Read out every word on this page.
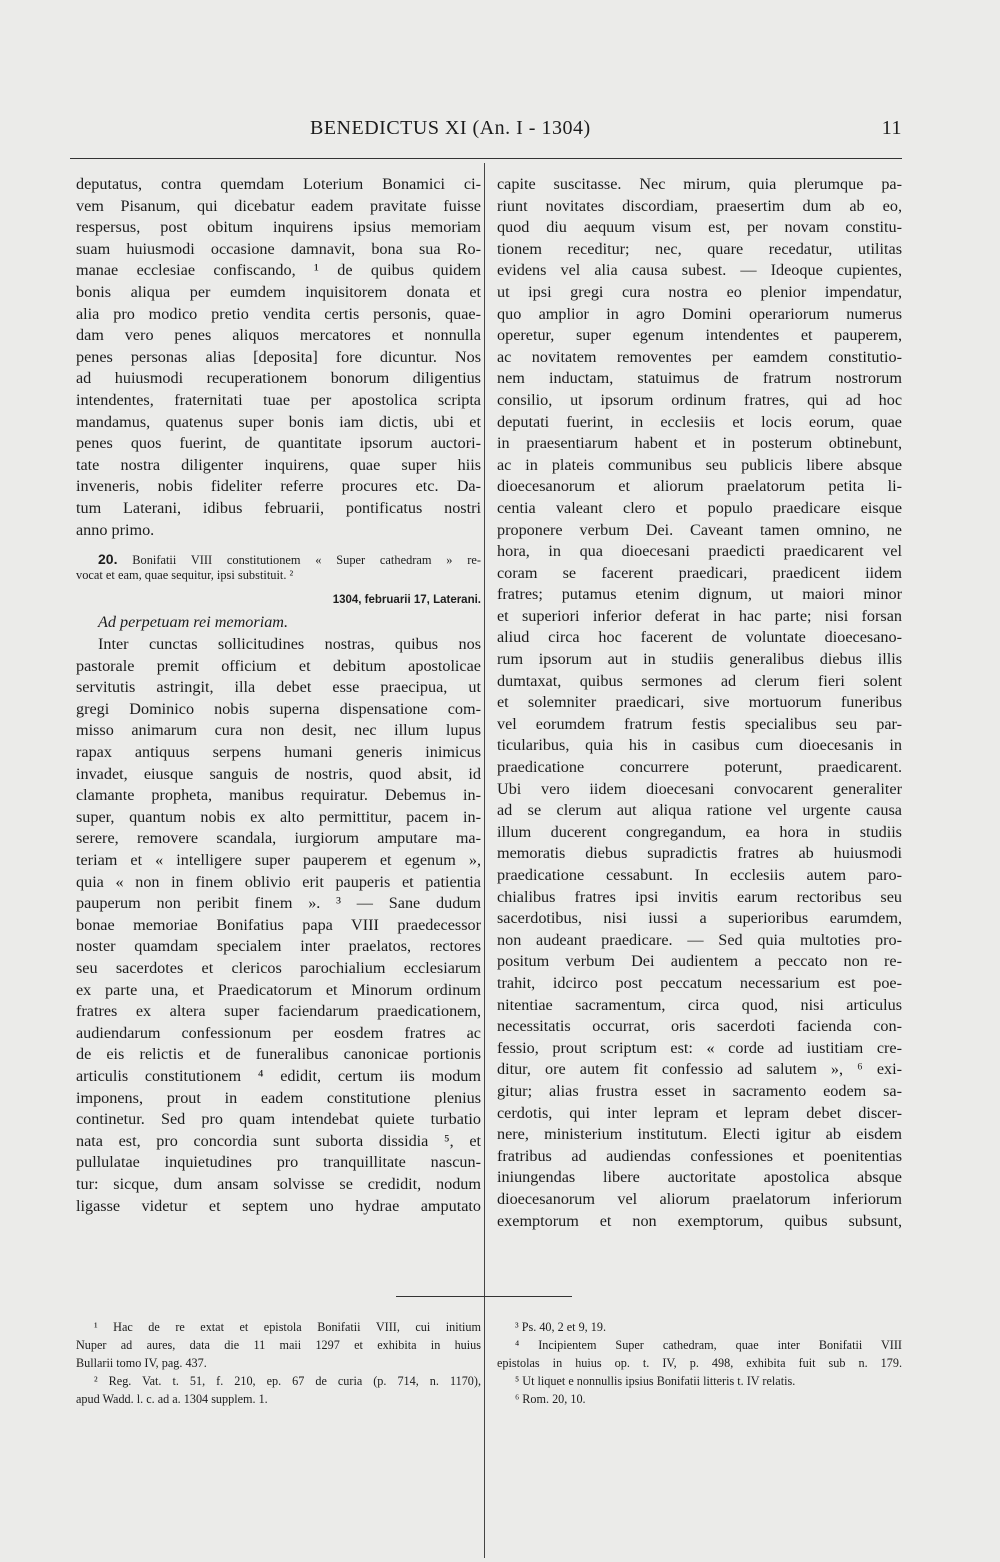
BENEDICTUS XI (An. I - 1304)	11
deputatus, contra quemdam Loterium Bonamici ci-
vem Pisanum, qui dicebatur eadem pravitate fuisse
respersus, post obitum inquirens ipsius memoriam
suam huiusmodi occasione damnavit, bona sua Ro-
manae ecclesiae confiscando, ¹ de quibus quidem
bonis aliqua per eumdem inquisitorem donata et
alia pro modico pretio vendita certis personis, quae-
dam vero penes aliquos mercatores et nonnulla
penes personas alias [deposita] fore dicuntur. Nos
ad huiusmodi recuperationem bonorum diligentius
intendentes, fraternitati tuae per apostolica scripta
mandamus, quatenus super bonis iam dictis, ubi et
penes quos fuerint, de quantitate ipsorum auctori-
tate nostra diligenter inquirens, quae super hiis
inveneris, nobis fideliter referre procures etc. Da-
tum Laterani, idibus februarii, pontificatus nostri
anno primo.
20. Bonifatii VIII constitutionem « Super cathedram » re-
vocat et eam, quae sequitur, ipsi substituit. ²
1304, februarii 17, Laterani.
Ad perpetuam rei memoriam.
Inter cunctas sollicitudines nostras, quibus nos
pastorale premit officium et debitum apostolicae
servitutis astringit, illa debet esse praecipua, ut
gregi Dominico nobis superna dispensatione com-
misso animarum cura non desit, nec illum lupus
rapax antiquus serpens humani generis inimicus
invadet, eiusque sanguis de nostris, quod absit, id
clamante propheta, manibus requiratur. Debemus in-
super, quantum nobis ex alto permittitur, pacem in-
serere, removere scandala, iurgiorum amputare ma-
teriam et « intelligere super pauperem et egenum »,
quia « non in finem oblivio erit pauperis et patientia
pauperum non peribit finem ». ³ — Sane dudum
bonae memoriae Bonifatius papa VIII praedecessor
noster quamdam specialem inter praelatos, rectores
seu sacerdotes et clericos parochialium ecclesiarum
ex parte una, et Praedicatorum et Minorum ordinum
fratres ex altera super faciendarum praedicationem,
audiendarum confessionum per eosdem fratres ac
de eis relictis et de funeralibus canonicae portionis
articulis constitutionem ⁴ edidit, certum iis modum
imponens, prout in eadem constitutione plenius
continetur. Sed pro quam intendebat quiete turbatio
nata est, pro concordia sunt suborta dissidia ⁵, et
pullulatae inquietudines pro tranquillitate nascun-
tur: sicque, dum ansam solvisse se credidit, nodum
ligasse videtur et septem uno hydrae amputato
capite suscitasse. Nec mirum, quia plerumque pa-
riunt novitates discordiam, praesertim dum ab eo,
quod diu aequum visum est, per novam constitu-
tionem receditur; nec, quare recedatur, utilitas
evidens vel alia causa subest. — Ideoque cupientes,
ut ipsi gregi cura nostra eo plenior impendatur,
quo amplior in agro Domini operariorum numerus
operetur, super egenum intendentes et pauperem,
ac novitatem removentes per eamdem constitutio-
nem inductam, statuimus de fratrum nostrorum
consilio, ut ipsorum ordinum fratres, qui ad hoc
deputati fuerint, in ecclesiis et locis eorum, quae
in praesentiarum habent et in posterum obtinebunt,
ac in plateis communibus seu publicis libere absque
dioecesanorum et aliorum praelatorum petita li-
centia valeant clero et populo praedicare eisque
proponere verbum Dei. Caveant tamen omnino, ne
hora, in qua dioecesani praedicti praedicarent vel
coram se facerent praedicari, praedicent iidem
fratres; putamus etenim dignum, ut maiori minor
et superiori inferior deferat in hac parte; nisi forsan
aliud circa hoc facerent de voluntate dioecesano-
rum ipsorum aut in studiis generalibus diebus illis
dumtaxat, quibus sermones ad clerum fieri solent
et solemniter praedicari, sive mortuorum funeribus
vel eorumdem fratrum festis specialibus seu par-
ticularibus, quia his in casibus cum dioecesanis in
praedicatione concurrere poterunt, praedicarent.
Ubi vero iidem dioecesani convocarent generaliter
ad se clerum aut aliqua ratione vel urgente causa
illum ducerent congregandum, ea hora in studiis
memoratis diebus supradictis fratres ab huiusmodi
praedicatione cessabunt. In ecclesiis autem paro-
chialibus fratres ipsi invitis earum rectoribus seu
sacerdotibus, nisi iussi a superioribus earumdem,
non audeant praedicare. — Sed quia multoties pro-
positum verbum Dei audientem a peccato non re-
trahit, idcirco post peccatum necessarium est poe-
nitentiae sacramentum, circa quod, nisi articulus
necessitatis occurrat, oris sacerdoti facienda con-
fessio, prout scriptum est: « corde ad iustitiam cre-
ditur, ore autem fit confessio ad salutem », ⁶ exi-
gitur; alias frustra esset in sacramento eodem sa-
cerdotis, qui inter lepram et lepram debet discer-
nere, ministerium institutum. Electi igitur ab eisdem
fratribus ad audiendas confessiones et poenitentias
iniungendas libere auctoritate apostolica absque
dioecesanorum vel aliorum praelatorum inferiorum
exemptorum et non exemptorum, quibus subsunt,
¹ Hac de re extat et epistola Bonifatii VIII, cui initium
Nuper ad aures, data die 11 maii 1297 et exhibita in huius
Bullarii tomo IV, pag. 437.
² Reg. Vat. t. 51, f. 210, ep. 67 de curia (p. 714, n. 1170),
apud Wadd. l. c. ad a. 1304 supplem. 1.
³ Ps. 40, 2 et 9, 19.
⁴ Incipientem Super cathedram, quae inter Bonifatii VIII
epistolas in huius op. t. IV, p. 498, exhibita fuit sub n. 179.
⁵ Ut liquet e nonnullis ipsius Bonifatii litteris t. IV relatis.
⁶ Rom. 20, 10.
